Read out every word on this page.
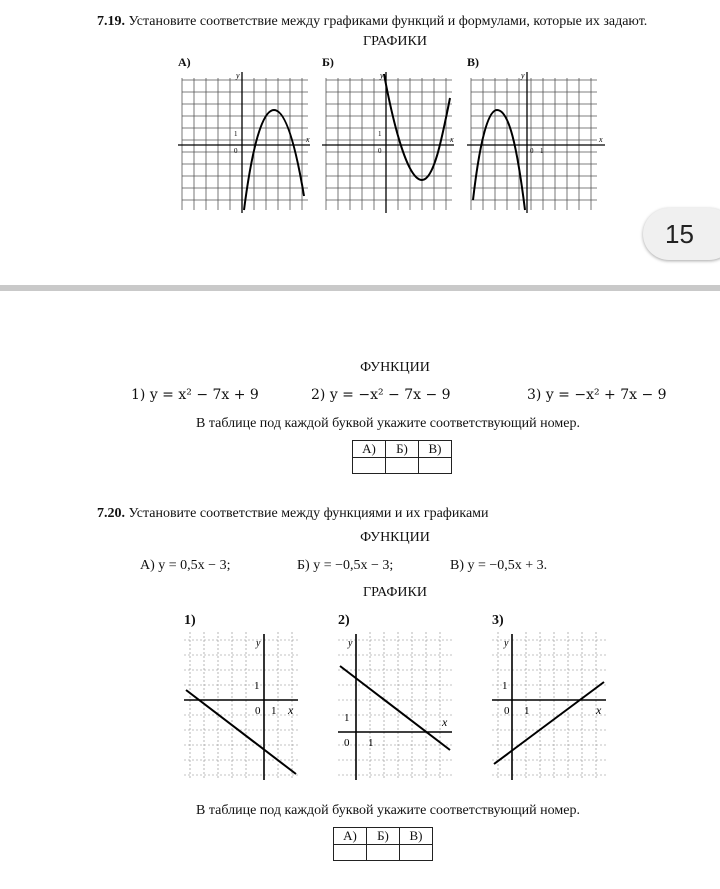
7.19. Установите соответствие между графиками функций и формулами, которые их задают.
ГРАФИКИ
А)	Б)	В)
y
x
0
1
y
x
0
1
y
x
0 1
15
ФУНКЦИИ
1) y = x² − 7x + 9	2) y = −x² − 7x − 9	3) y = −x² + 7x − 9
В таблице под каждой буквой укажите соответствующий номер.
А)	Б)	В)

7.20. Установите соответствие между функциями и их графиками
ФУНКЦИИ
А) y = 0,5x − 3;	Б) y = −0,5x − 3;	В) y = −0,5x + 3.
ГРАФИКИ
1)	2)	3)
y
x
0 1
1
y
x
0 1
1
y
x
0 1
1
В таблице под каждой буквой укажите соответствующий номер.
А)	Б)	В)
